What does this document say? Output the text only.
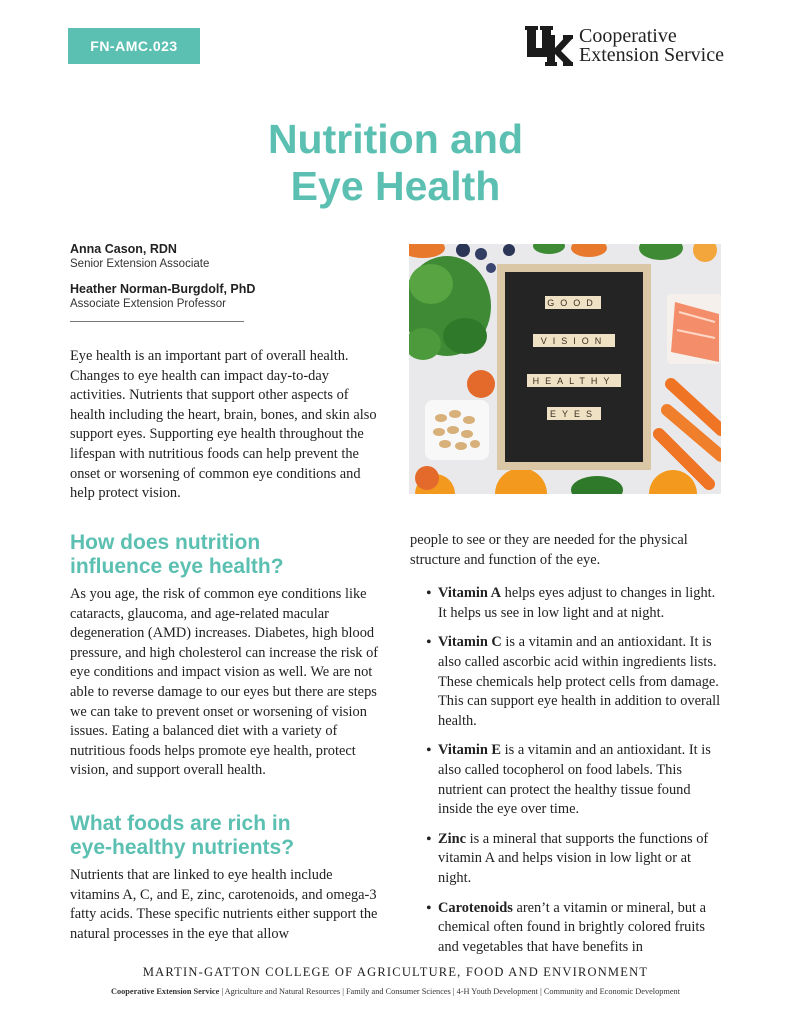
FN-AMC.023	Cooperative
Extension Service
Nutrition and
Eye Health
Anna Cason, RDN
Senior Extension Associate
Heather Norman-Burgdolf, PhD
Associate Extension Professor	GOOD
VISION
HEALTHY
EYES
Eye health is an important part of overall health. Changes to eye health can impact day-to-day activities. Nutrients that support other aspects of health including the heart, brain, bones, and skin also support eyes. Supporting eye health throughout the lifespan with nutritious foods can help prevent the onset or worsening of common eye conditions and help protect vision.
How does nutrition
influence eye health?
As you age, the risk of common eye conditions like cataracts, glaucoma, and age-related macular degeneration (AMD) increases. Diabetes, high blood pressure, and high cholesterol can increase the risk of eye conditions and impact vision as well. We are not able to reverse damage to our eyes but there are steps we can take to prevent onset or worsening of vision issues. Eating a balanced diet with a variety of nutritious foods helps promote eye health, protect vision, and support overall health.
What foods are rich in
eye-healthy nutrients?
Nutrients that are linked to eye health include vitamins A, C, and E, zinc, carotenoids, and omega-3 fatty acids. These specific nutrients either support the natural processes in the eye that allow
people to see or they are needed for the physical structure and function of the eye.
• Vitamin A helps eyes adjust to changes in light. It helps us see in low light and at night.
• Vitamin C is a vitamin and an antioxidant. It is also called ascorbic acid within ingredients lists. These chemicals help protect cells from damage. This can support eye health in addition to overall health.
• Vitamin E is a vitamin and an antioxidant. It is also called tocopherol on food labels. This nutrient can protect the healthy tissue found inside the eye over time.
• Zinc is a mineral that supports the functions of vitamin A and helps vision in low light or at night.
• Carotenoids aren’t a vitamin or mineral, but a chemical often found in brightly colored fruits and vegetables that have benefits in
MARTIN-GATTON COLLEGE OF AGRICULTURE, FOOD AND ENVIRONMENT
Cooperative Extension Service | Agriculture and Natural Resources | Family and Consumer Sciences | 4-H Youth Development | Community and Economic Development
